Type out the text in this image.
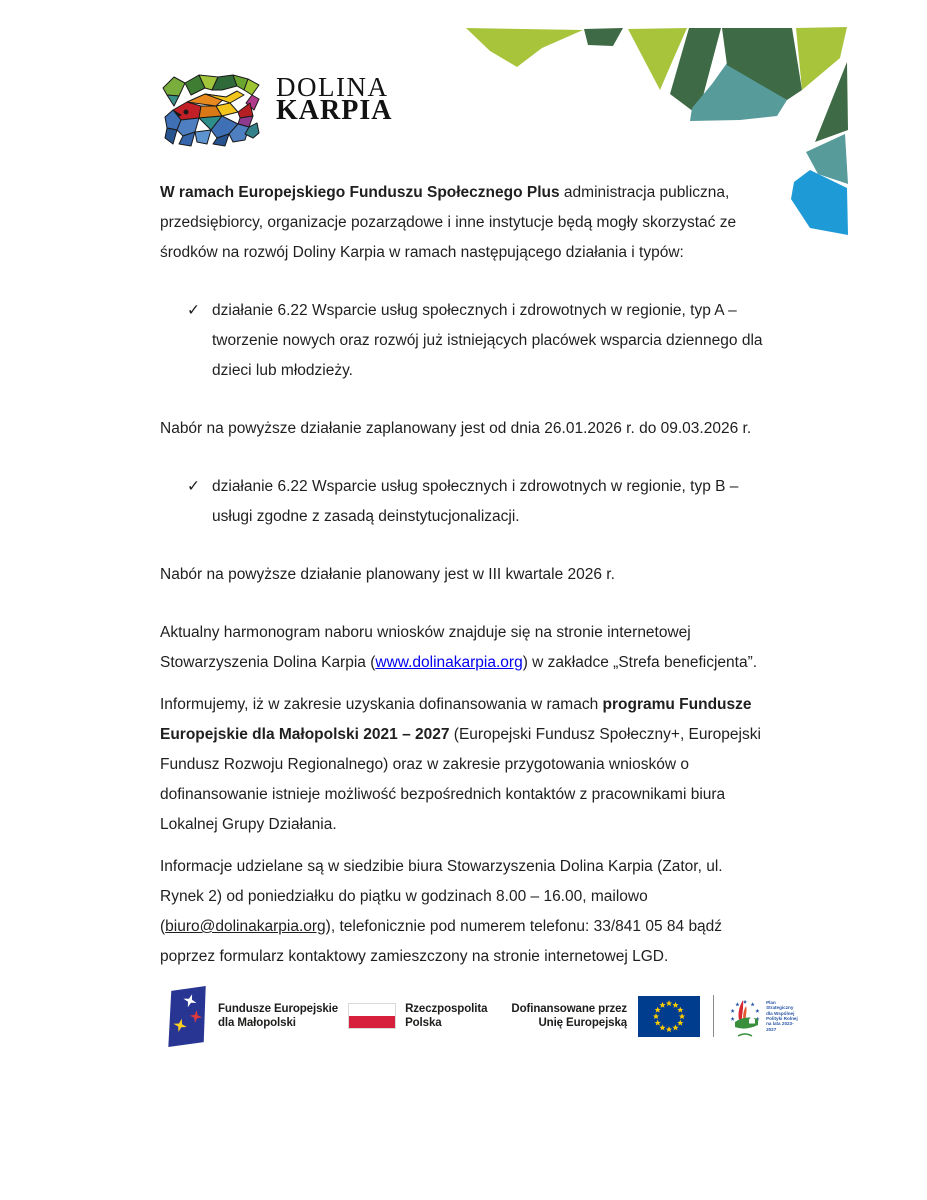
DOLINA
KARPIA

W ramach Europejskiego Funduszu Społecznego Plus administracja publiczna, przedsiębiorcy, organizacje pozarządowe i inne instytucje będą mogły skorzystać ze środków na rozwój Doliny Karpia w ramach następującego działania i typów:

✓ działanie 6.22 Wsparcie usług społecznych i zdrowotnych w regionie, typ A – tworzenie nowych oraz rozwój już istniejących placówek wsparcia dziennego dla dzieci lub młodzieży.

Nabór na powyższe działanie zaplanowany jest od dnia 26.01.2026 r. do 09.03.2026 r.

✓ działanie 6.22 Wsparcie usług społecznych i zdrowotnych w regionie, typ B – usługi zgodne z zasadą deinstytucjonalizacji.

Nabór na powyższe działanie planowany jest w III kwartale 2026 r.

Aktualny harmonogram naboru wniosków znajduje się na stronie internetowej Stowarzyszenia Dolina Karpia (www.dolinakarpia.org) w zakładce „Strefa beneficjenta”.

Informujemy, iż w zakresie uzyskania dofinansowania w ramach programu Fundusze Europejskie dla Małopolski 2021 – 2027 (Europejski Fundusz Społeczny+, Europejski Fundusz Rozwoju Regionalnego) oraz w zakresie przygotowania wniosków o dofinansowanie istnieje możliwość bezpośrednich kontaktów z pracownikami biura Lokalnej Grupy Działania.

Informacje udzielane są w siedzibie biura Stowarzyszenia Dolina Karpia (Zator, ul. Rynek 2) od poniedziałku do piątku w godzinach 8.00 – 16.00, mailowo (biuro@dolinakarpia.org), telefonicznie pod numerem telefonu: 33/841 05 84 bądź poprzez formularz kontaktowy zamieszczony na stronie internetowej LGD.

Fundusze Europejskie
dla Małopolski
Rzeczpospolita
Polska
Dofinansowane przez
Unię Europejską
Plan Strategiczny dla Wspólnej Polityki Rolnej na lata 2023-2027
